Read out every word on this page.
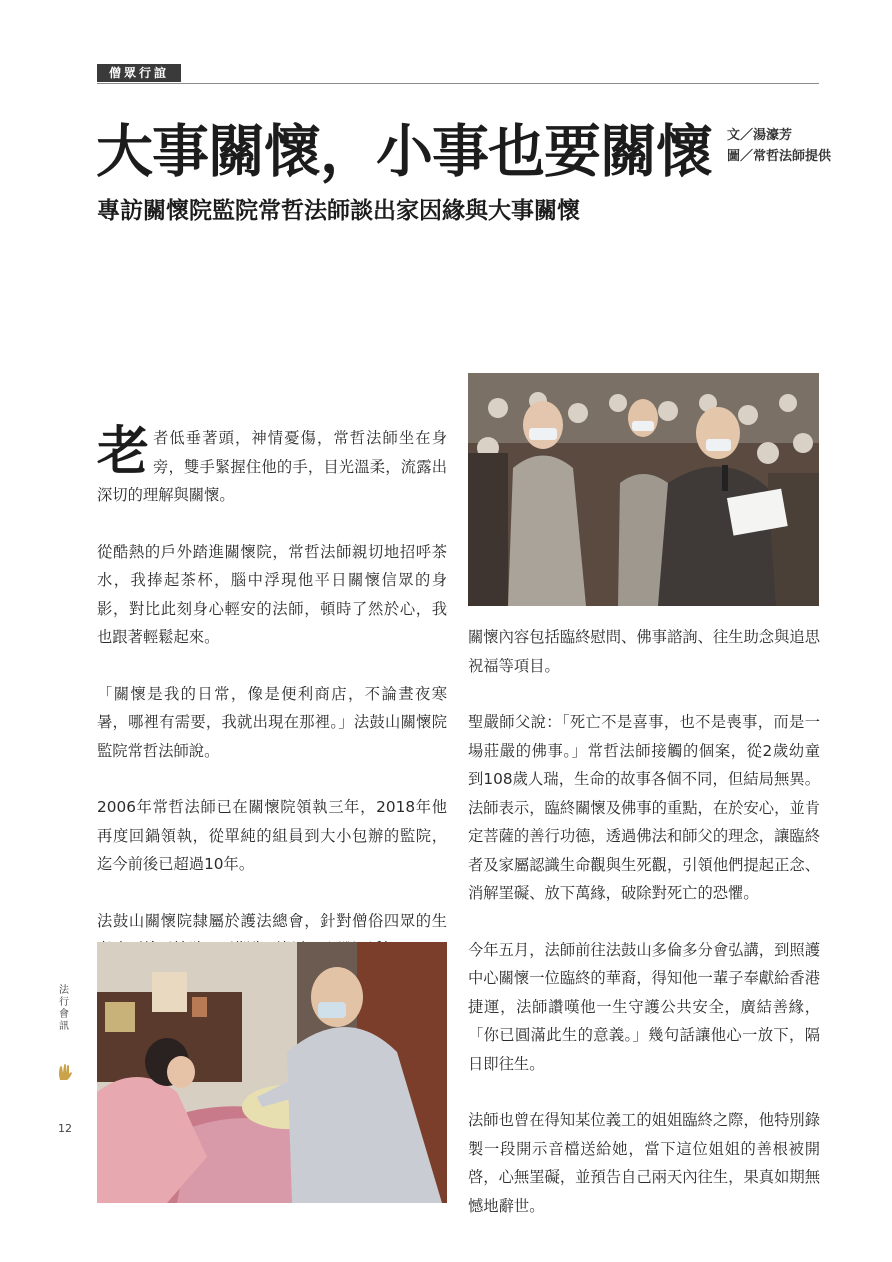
僧眾行誼
大事關懷，小事也要關懷 文／湯濠芳
圖／常哲法師提供
專訪關懷院監院常哲法師談出家因緣與大事關懷

老者低垂著頭，神情憂傷，常哲法師坐在身旁，雙手緊握住他的手，目光溫柔，流露出深切的理解與關懷。

從酷熱的戶外踏進關懷院，常哲法師親切地招呼茶水，我捧起茶杯，腦中浮現他平日關懷信眾的身影，對比此刻身心輕安的法師，頓時了然於心，我也跟著輕鬆起來。

「關懷是我的日常，像是便利商店，不論晝夜寒暑，哪裡有需要，我就出現在那裡。」法鼓山關懷院監院常哲法師說。

2006年常哲法師已在關懷院領執三年，2018年他再度回鍋領執，從單純的組員到大小包辦的監院，迄今前後已超過10年。

法鼓山關懷院隸屬於護法總會，針對僧俗四眾的生

關懷內容包括臨終慰問、佛事諮詢、往生助念與追思祝福等項目。

聖嚴師父說：「死亡不是喜事，也不是喪事，而是一場莊嚴的佛事。」常哲法師接觸的個案，從2歲幼童到108歲人瑞，生命的故事各個不同，但結局無異。法師表示，臨終關懷及佛事的重點，在於安心，並肯定菩薩的善行功德，透過佛法和師父的理念，讓臨終者及家屬認識生命觀與生死觀，引領他們提起正念、消解罣礙、放下萬緣，破除對死亡的恐懼。

今年五月，法師前往法鼓山多倫多分會弘講，到照護中心關懷一位臨終的華裔，得知他一輩子奉獻給香港捷運，法師讚嘆他一生守護公共安全，廣結善緣，「你已圓滿此生的意義。」幾句話讓他心一放下，隔日即往生。

法師也曾在得知某位義工的姐姐臨終之際，他特別錄製一段開示音檔送給她，當下這位姐姐的善根被開啓，心無罣礙，並預告自己兩天內往生，果真如期無憾地辭世。

法
行
會
訊
12
